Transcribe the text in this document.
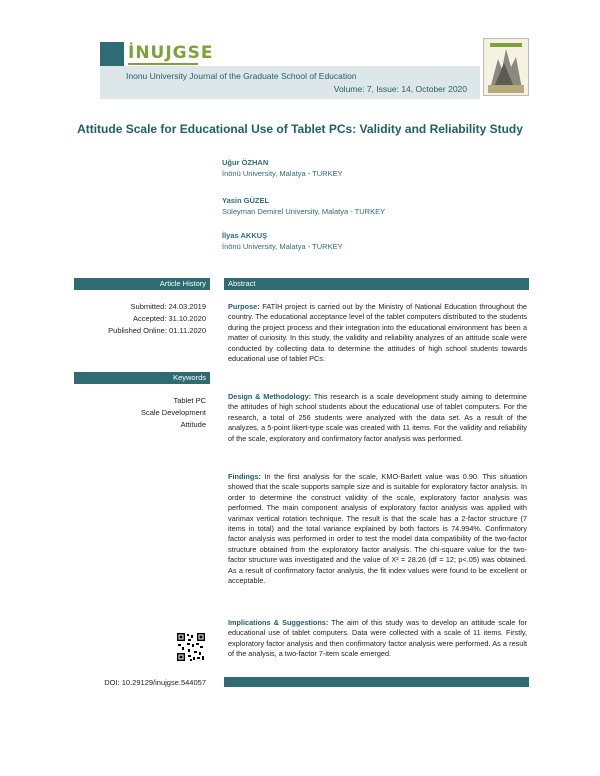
İNUJGSE
Inonu University Journal of the Graduate School of Education
Volume: 7, Issue: 14, October 2020
Attitude Scale for Educational Use of Tablet PCs: Validity and Reliability Study
Uğur ÖZHAN
İnönü University, Malatya - TURKEY
Yasin GÜZEL
Süleyman Demirel University, Malatya - TURKEY
İlyas AKKUŞ
İnönü University, Malatya - TURKEY
Article History	Abstract
Keywords
Submitted: 24.03.2019
Accepted: 31.10.2020
Published Online: 01.11.2020
Tablet PC
Scale Development
Attitude
Purpose: FATİH project is carried out by the Ministry of National Education throughout the country. The educational acceptance level of the tablet computers distributed to the students during the project process and their integration into the educational environment has been a matter of curiosity. In this study, the validity and reliability analyzes of an attitude scale were conducted by collecting data to determine the attitudes of high school students towards educational use of tablet PCs.
Design & Methodology: This research is a scale development study aiming to determine the attitudes of high school students about the educational use of tablet computers. For the research, a total of 256 students were analyzed with the data set. As a result of the analyzes, a 5-point likert-type scale was created with 11 items. For the validity and reliability of the scale, exploratory and confirmatory factor analysis was performed.
Findings: In the first analysis for the scale, KMO-Barlett value was 0.90. This situation showed that the scale supports sample size and is suitable for exploratory factor analysis. In order to determine the construct validity of the scale, exploratory factor analysis was performed. The main component analysis of exploratory factor analysis was applied with varimax vertical rotation technique. The result is that the scale has a 2-factor structure (7 items in total) and the total variance explained by both factors is 74.994%. Confirmatory factor analysis was performed in order to test the model data compatibility of the two-factor structure obtained from the exploratory factor analysis. The chi-square value for the two-factor structure was investigated and the value of X² = 28.26 (df = 12; p<.05) was obtained. As a result of confirmatory factor analysis, the fit index values were found to be excellent or acceptable.
Implications & Suggestions: The aim of this study was to develop an attitude scale for educational use of tablet computers. Data were collected with a scale of 11 items. Firstly, exploratory factor analysis and then confirmatory factor analysis were performed. As a result of the analysis, a two-factor 7-item scale emerged.
DOI: 10.29129/inujgse.544057
